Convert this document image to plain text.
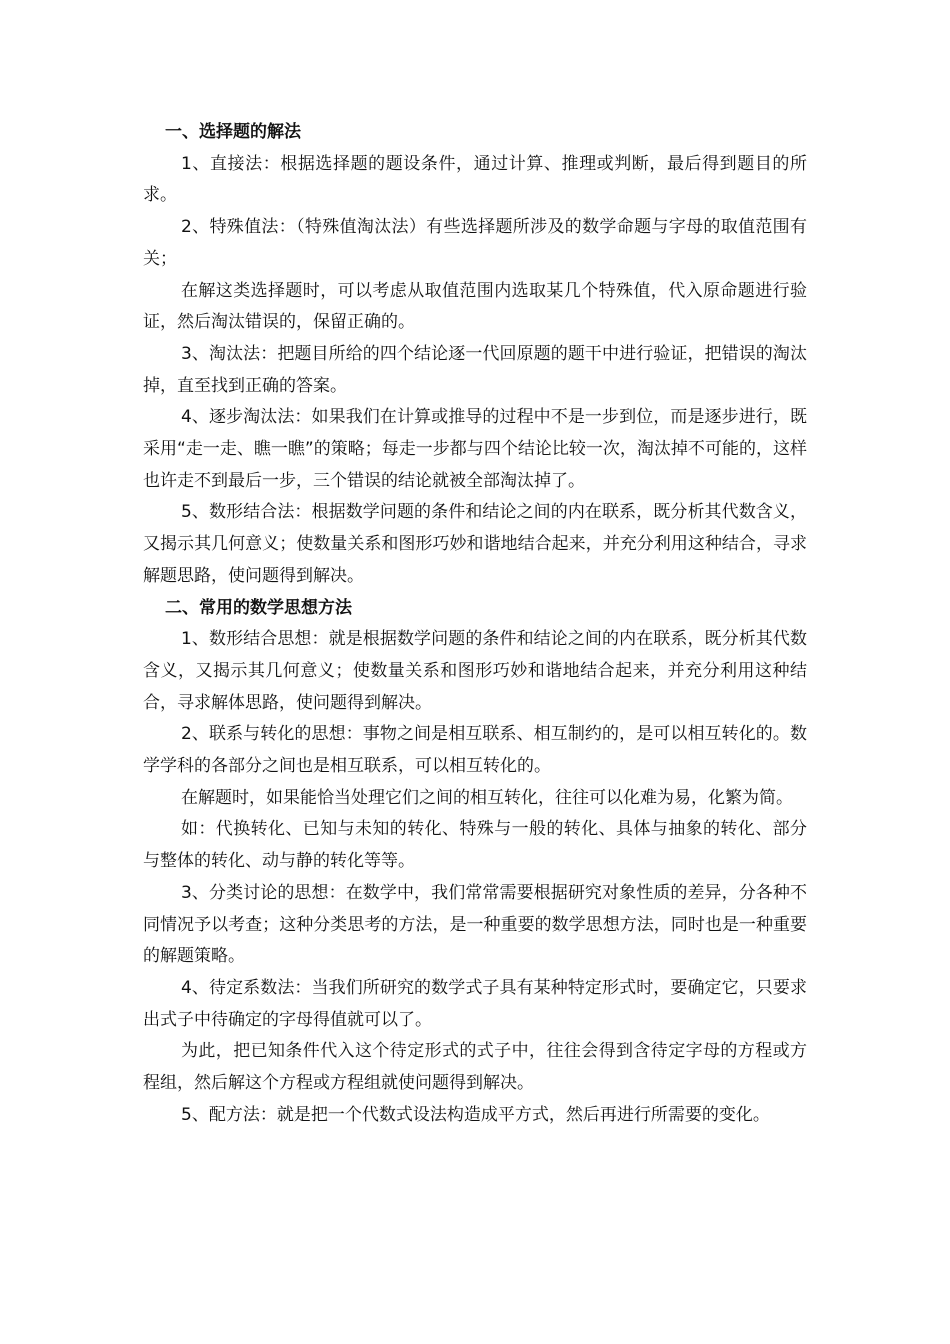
一、选择题的解法

1、直接法：根据选择题的题设条件，通过计算、推理或判断，最后得到题目的所求。

2、特殊值法：（特殊值淘汰法）有些选择题所涉及的数学命题与字母的取值范围有关；

在解这类选择题时，可以考虑从取值范围内选取某几个特殊值，代入原命题进行验证，然后淘汰错误的，保留正确的。

3、淘汰法：把题目所给的四个结论逐一代回原题的题干中进行验证，把错误的淘汰掉，直至找到正确的答案。

4、逐步淘汰法：如果我们在计算或推导的过程中不是一步到位，而是逐步进行，既采用“走一走、瞧一瞧”的策略；每走一步都与四个结论比较一次，淘汰掉不可能的，这样也许走不到最后一步，三个错误的结论就被全部淘汰掉了。

5、数形结合法：根据数学问题的条件和结论之间的内在联系，既分析其代数含义，又揭示其几何意义；使数量关系和图形巧妙和谐地结合起来，并充分利用这种结合，寻求解题思路，使问题得到解决。

二、常用的数学思想方法

1、数形结合思想：就是根据数学问题的条件和结论之间的内在联系，既分析其代数含义，又揭示其几何意义；使数量关系和图形巧妙和谐地结合起来，并充分利用这种结合，寻求解体思路，使问题得到解决。

2、联系与转化的思想：事物之间是相互联系、相互制约的，是可以相互转化的。数学学科的各部分之间也是相互联系，可以相互转化的。

在解题时，如果能恰当处理它们之间的相互转化，往往可以化难为易，化繁为简。

如：代换转化、已知与未知的转化、特殊与一般的转化、具体与抽象的转化、部分与整体的转化、动与静的转化等等。

3、分类讨论的思想：在数学中，我们常常需要根据研究对象性质的差异，分各种不同情况予以考查；这种分类思考的方法，是一种重要的数学思想方法，同时也是一种重要的解题策略。

4、待定系数法：当我们所研究的数学式子具有某种特定形式时，要确定它，只要求出式子中待确定的字母得值就可以了。

为此，把已知条件代入这个待定形式的式子中，往往会得到含待定字母的方程或方程组，然后解这个方程或方程组就使问题得到解决。

5、配方法：就是把一个代数式设法构造成平方式，然后再进行所需要的变化。
